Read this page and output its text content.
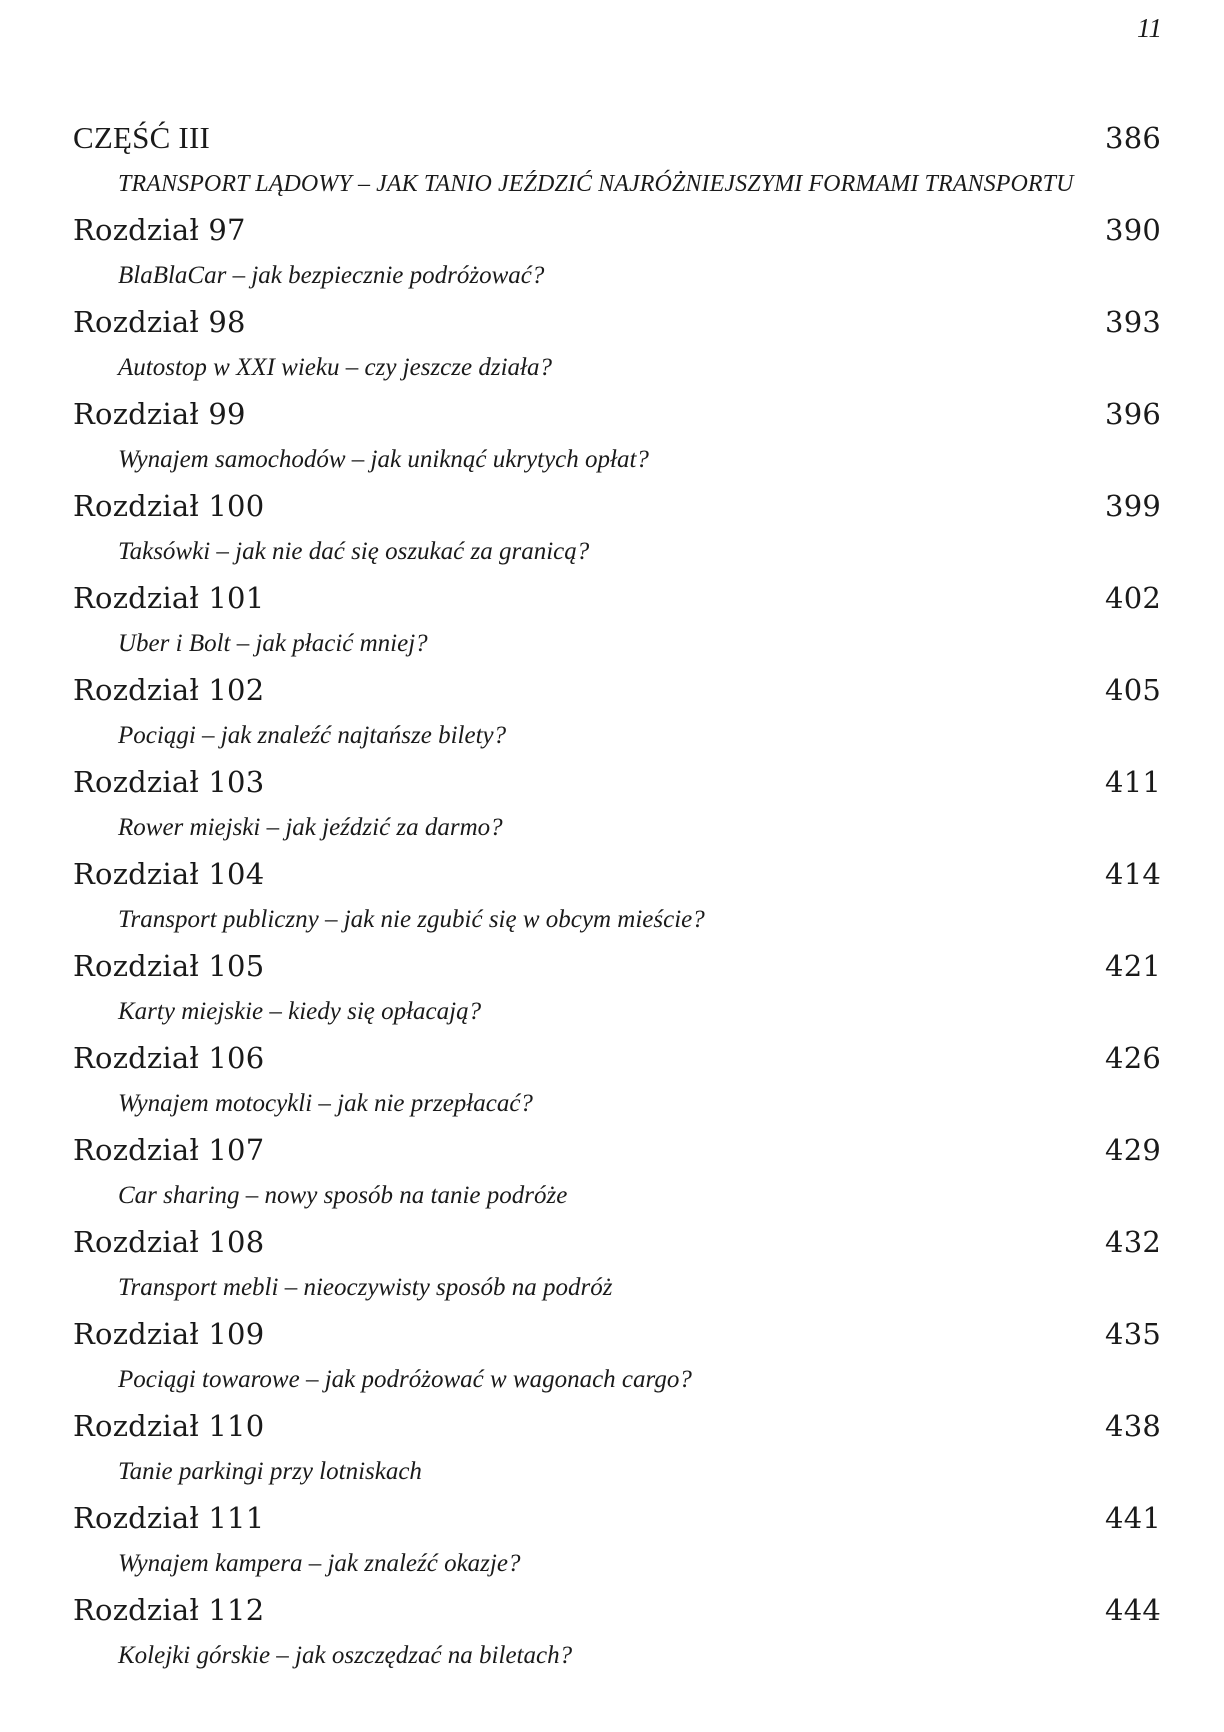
11
CZĘŚĆ III	386
TRANSPORT LĄDOWY – JAK TANIO JEŹDZIĆ NAJRÓŻNIEJSZYMI FORMAMI TRANSPORTU
Rozdział 97	390
BlaBlaCar – jak bezpiecznie podróżować?
Rozdział 98	393
Autostop w XXI wieku – czy jeszcze działa?
Rozdział 99	396
Wynajem samochodów – jak uniknąć ukrytych opłat?
Rozdział 100	399
Taksówki – jak nie dać się oszukać za granicą?
Rozdział 101	402
Uber i Bolt – jak płacić mniej?
Rozdział 102	405
Pociągi – jak znaleźć najtańsze bilety?
Rozdział 103	411
Rower miejski – jak jeździć za darmo?
Rozdział 104	414
Transport publiczny – jak nie zgubić się w obcym mieście?
Rozdział 105	421
Karty miejskie – kiedy się opłacają?
Rozdział 106	426
Wynajem motocykli – jak nie przepłacać?
Rozdział 107	429
Car sharing – nowy sposób na tanie podróże
Rozdział 108	432
Transport mebli – nieoczywisty sposób na podróż
Rozdział 109	435
Pociągi towarowe – jak podróżować w wagonach cargo?
Rozdział 110	438
Tanie parkingi przy lotniskach
Rozdział 111	441
Wynajem kampera – jak znaleźć okazje?
Rozdział 112	444
Kolejki górskie – jak oszczędzać na biletach?
